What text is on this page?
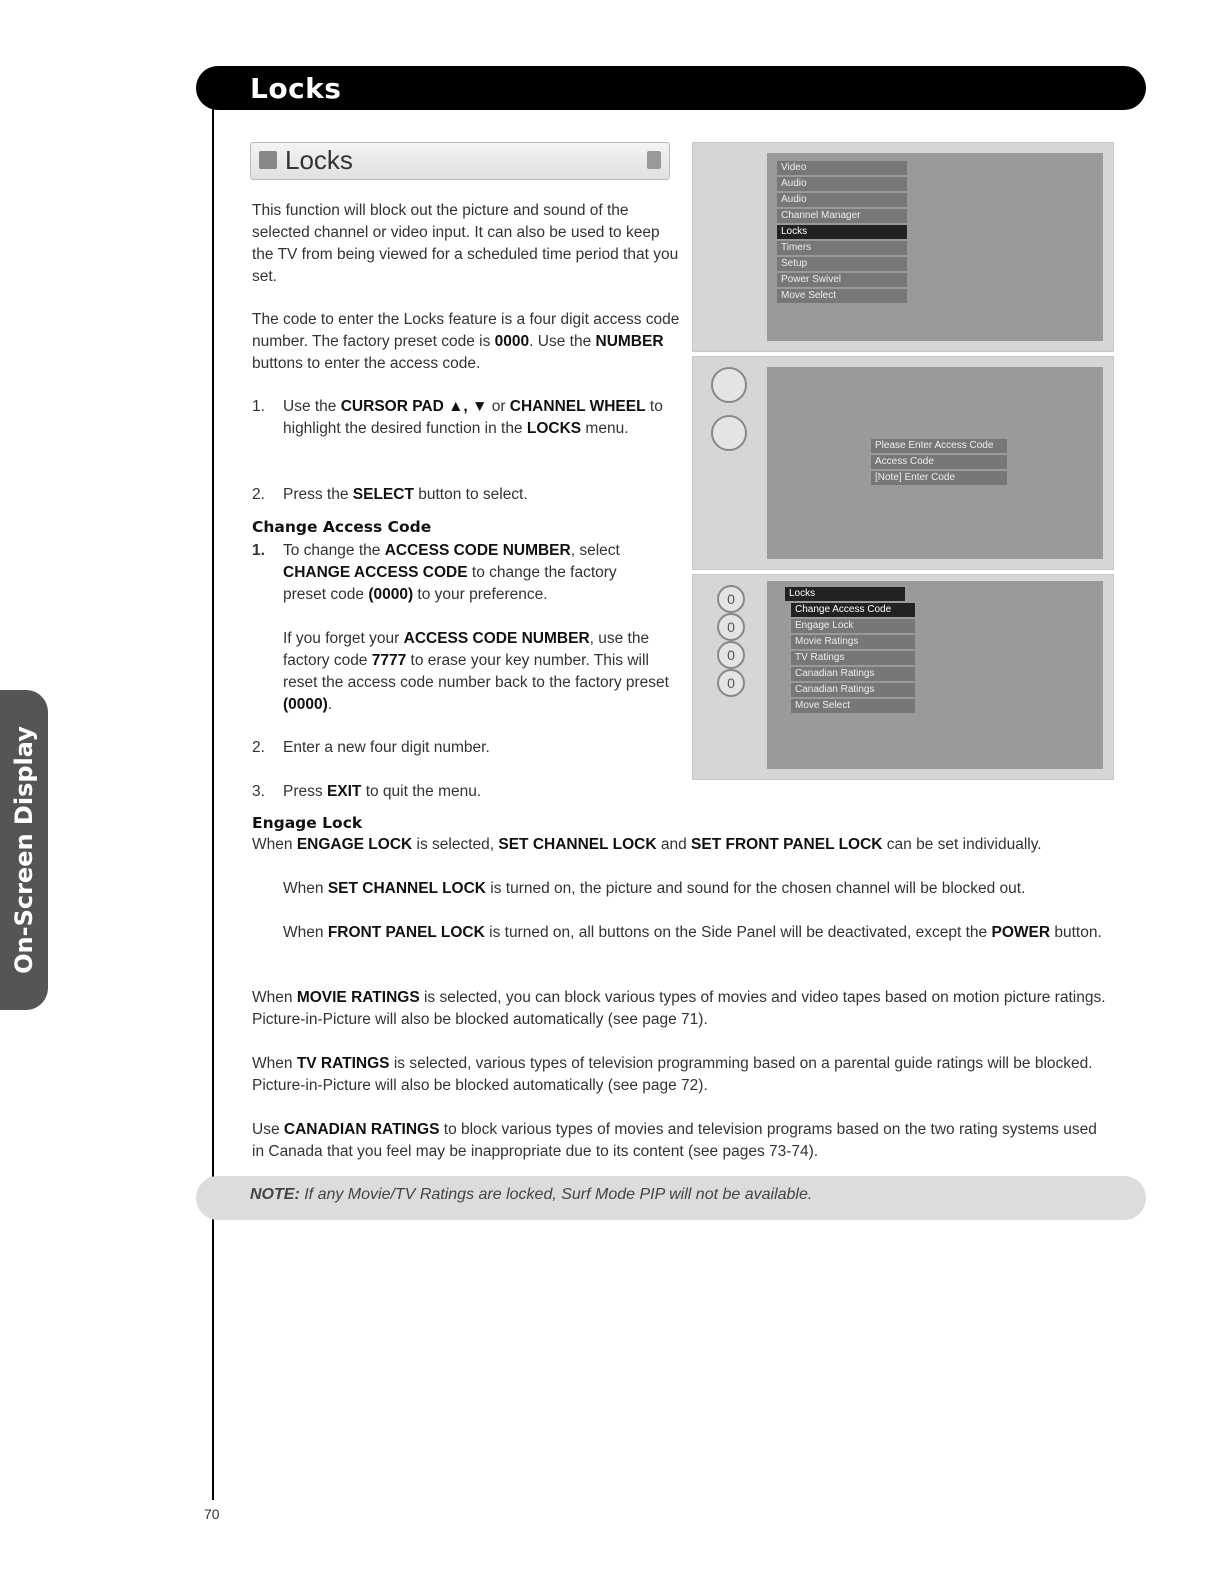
Locks
On-Screen Display
Locks
This function will block out the picture and sound of the selected channel or video input. It can also be used to keep the TV from being viewed for a scheduled time period that you set.
The code to enter the Locks feature is a four digit access code number. The factory preset code is 0000. Use the NUMBER buttons to enter the access code.
1. Use the CURSOR PAD ▲, ▼ or CHANNEL WHEEL to highlight the desired function in the LOCKS menu.
2. Press the SELECT button to select.
Change Access Code
1. To change the ACCESS CODE NUMBER, select CHANGE ACCESS CODE to change the factory preset code (0000) to your preference.
If you forget your ACCESS CODE NUMBER, use the factory code 7777 to erase your key number. This will reset the access code number back to the factory preset (0000).
2. Enter a new four digit number.
3. Press EXIT to quit the menu.
Engage Lock
When ENGAGE LOCK is selected, SET CHANNEL LOCK and SET FRONT PANEL LOCK can be set individually.
When SET CHANNEL LOCK is turned on, the picture and sound for the chosen channel will be blocked out.
When FRONT PANEL LOCK is turned on, all buttons on the Side Panel will be deactivated, except the POWER button.
When MOVIE RATINGS is selected, you can block various types of movies and video tapes based on motion picture ratings. Picture-in-Picture will also be blocked automatically (see page 71).
When TV RATINGS is selected, various types of television programming based on a parental guide ratings will be blocked. Picture-in-Picture will also be blocked automatically (see page 72).
Use CANADIAN RATINGS to block various types of movies and television programs based on the two rating systems used in Canada that you feel may be inappropriate due to its content (see pages 73-74).
NOTE: If any Movie/TV Ratings are locked, Surf Mode PIP will not be available.
Video
Audio
Audio
Channel Manager
Locks
Timers
Setup
Power Swivel
Move Select
Please Enter Access Code
Access Code
[Note] Enter Code
0
0
0
0
Locks
Change Access Code
Engage Lock
Movie Ratings
TV Ratings
Canadian Ratings
Canadian Ratings
Move Select
70
